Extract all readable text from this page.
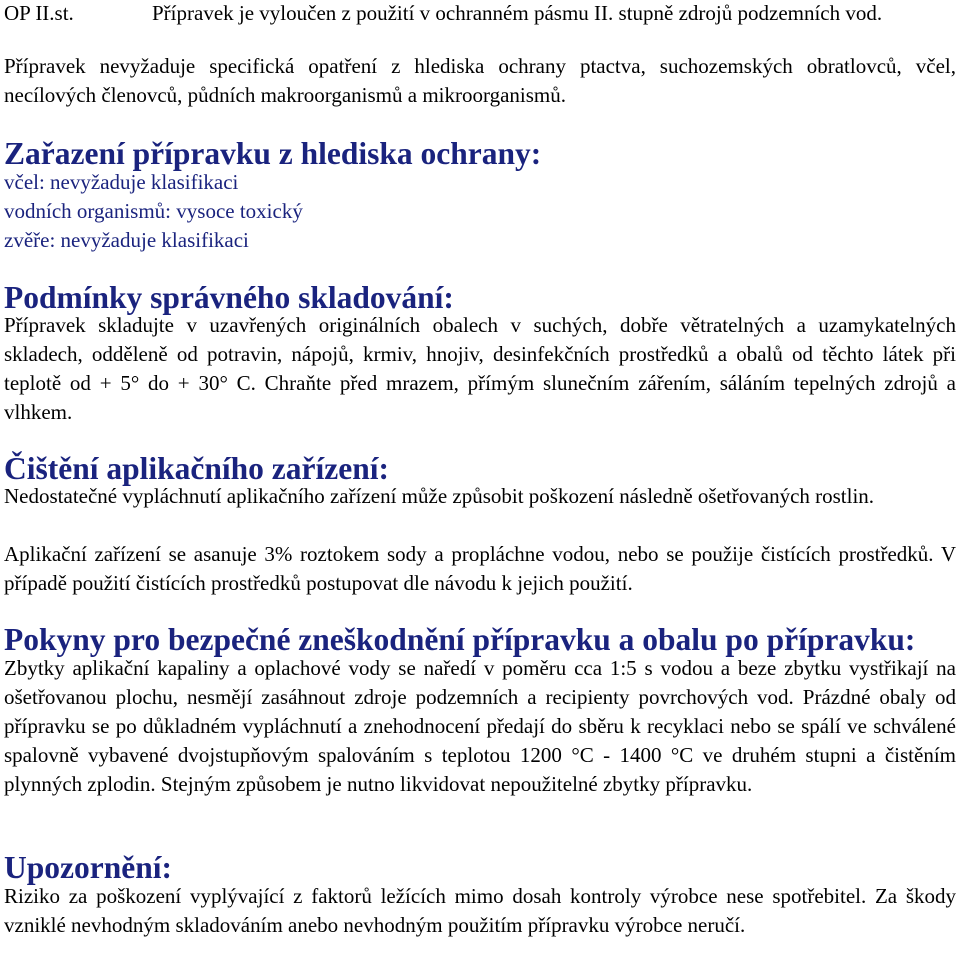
OP II.st.	Přípravek je vyloučen z použití v ochranném pásmu II. stupně zdrojů podzemních vod.

Přípravek nevyžaduje specifická opatření z hlediska ochrany ptactva, suchozemských obratlovců, včel, necílových členovců, půdních makroorganismů a mikroorganismů.

Zařazení přípravku z hlediska ochrany:
včel: nevyžaduje klasifikaci
vodních organismů: vysoce toxický
zvěře: nevyžaduje klasifikaci
Podmínky správného skladování:

Přípravek skladujte v uzavřených originálních obalech v suchých, dobře větratelných a uzamykatelných skladech, odděleně od potravin, nápojů, krmiv, hnojiv, desinfekčních prostředků a obalů od těchto látek při teplotě od + 5° do + 30° C. Chraňte před mrazem, přímým slunečním zářením, sáláním tepelných zdrojů a vlhkem.

Čištění aplikačního zařízení:

Nedostatečné vypláchnutí aplikačního zařízení může způsobit poškození následně ošetřovaných rostlin.

Aplikační zařízení se asanuje 3% roztokem sody a propláchne vodou, nebo se použije čistících prostředků. V případě použití čistících prostředků postupovat dle návodu k jejich použití.

Pokyny pro bezpečné zneškodnění přípravku a obalu po přípravku:

Zbytky aplikační kapaliny a oplachové vody se naředí v poměru cca 1:5 s vodou a beze zbytku vystřikají na ošetřovanou plochu, nesmějí zasáhnout zdroje podzemních a recipienty povrchových vod. Prázdné obaly od přípravku se po důkladném vypláchnutí a znehodnocení předají do sběru k recyklaci nebo se spálí ve schválené spalovně vybavené dvojstupňovým spalováním s teplotou 1200 °C - 1400 °C ve druhém stupni a čistěním plynných zplodin. Stejným způsobem je nutno likvidovat nepoužitelné zbytky přípravku.

Upozornění:

Riziko za poškození vyplývající z faktorů ležících mimo dosah kontroly výrobce nese spotřebitel. Za škody vzniklé nevhodným skladováním anebo nevhodným použitím přípravku výrobce neručí.
